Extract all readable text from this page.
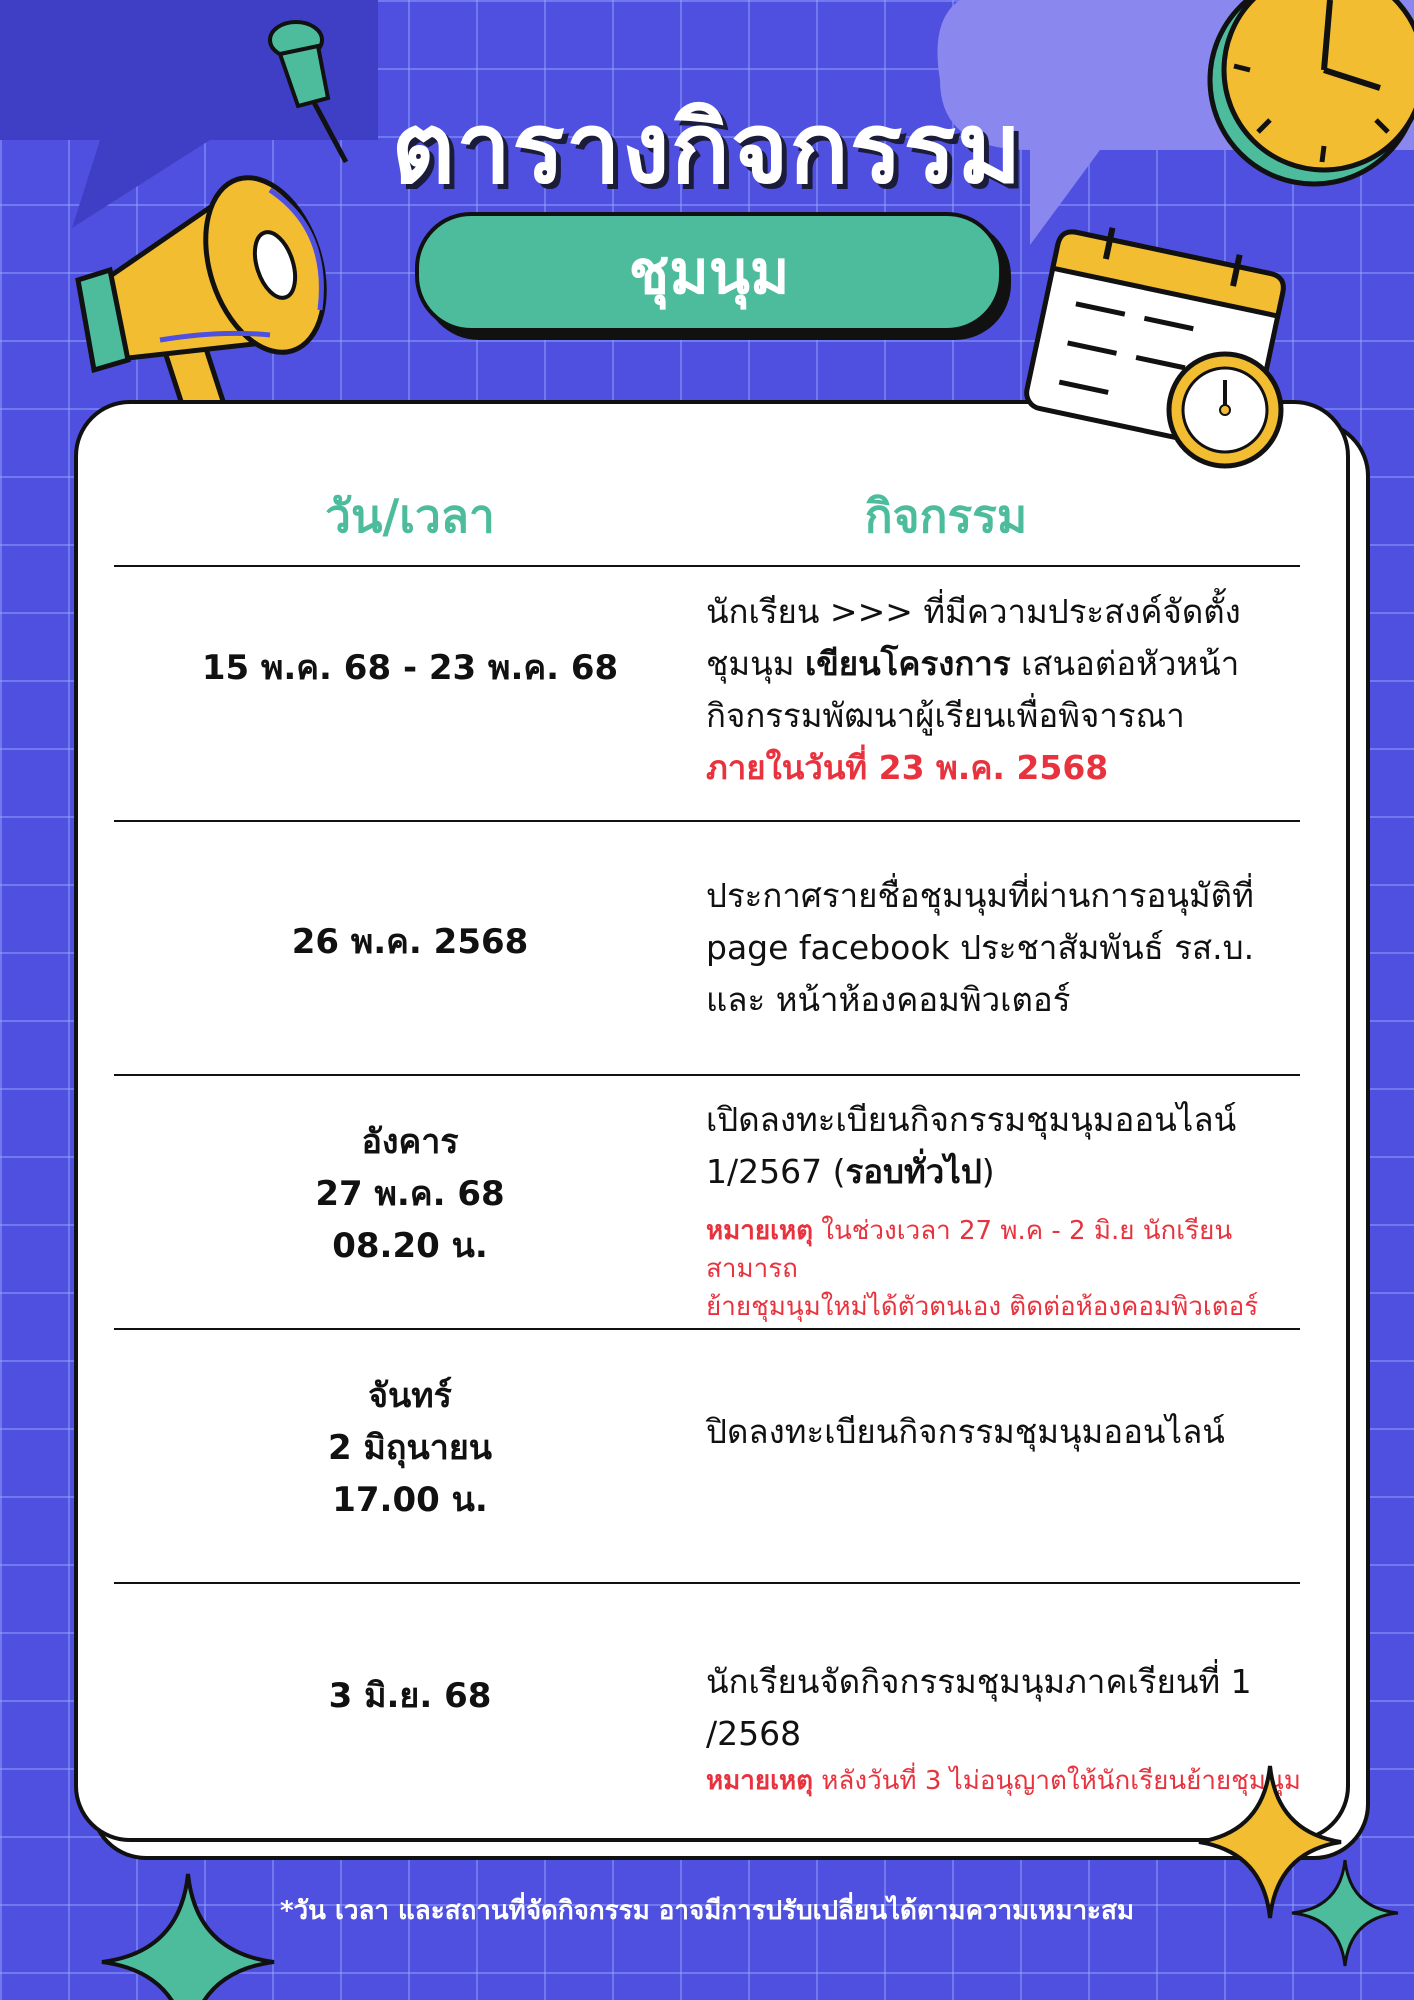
ตารางกิจกรรม
ชุมนุม
วัน/เวลา	กิจกรรม
15 พ.ค. 68 - 23 พ.ค. 68
นักเรียน >>> ที่มีความประสงค์จัดตั้ง
ชุมนุม เขียนโครงการ เสนอต่อหัวหน้า
กิจกรรมพัฒนาผู้เรียนเพื่อพิจารณา
ภายในวันที่ 23 พ.ค. 2568
26 พ.ค. 2568
ประกาศรายชื่อชุมนุมที่ผ่านการอนุมัติที่
page facebook ประชาสัมพันธ์ รส.บ.
และ หน้าห้องคอมพิวเตอร์
อังคาร
27 พ.ค. 68
08.20 น.
เปิดลงทะเบียนกิจกรรมชุมนุมออนไลน์
1/2567 (รอบทั่วไป)
หมายเหตุ ในช่วงเวลา 27 พ.ค - 2 มิ.ย นักเรียนสามารถ
ย้ายชุมนุมใหม่ได้ตัวตนเอง ติดต่อห้องคอมพิวเตอร์
จันทร์
2 มิถุนายน
17.00 น.
ปิดลงทะเบียนกิจกรรมชุมนุมออนไลน์
3 มิ.ย. 68	นักเรียนจัดกิจกรรมชุมนุมภาคเรียนที่ 1 /2568
หมายเหตุ หลังวันที่ 3 ไม่อนุญาตให้นักเรียนย้ายชุมนุม
*วัน เวลา และสถานที่จัดกิจกรรม อาจมีการปรับเปลี่ยนได้ตามความเหมาะสม
